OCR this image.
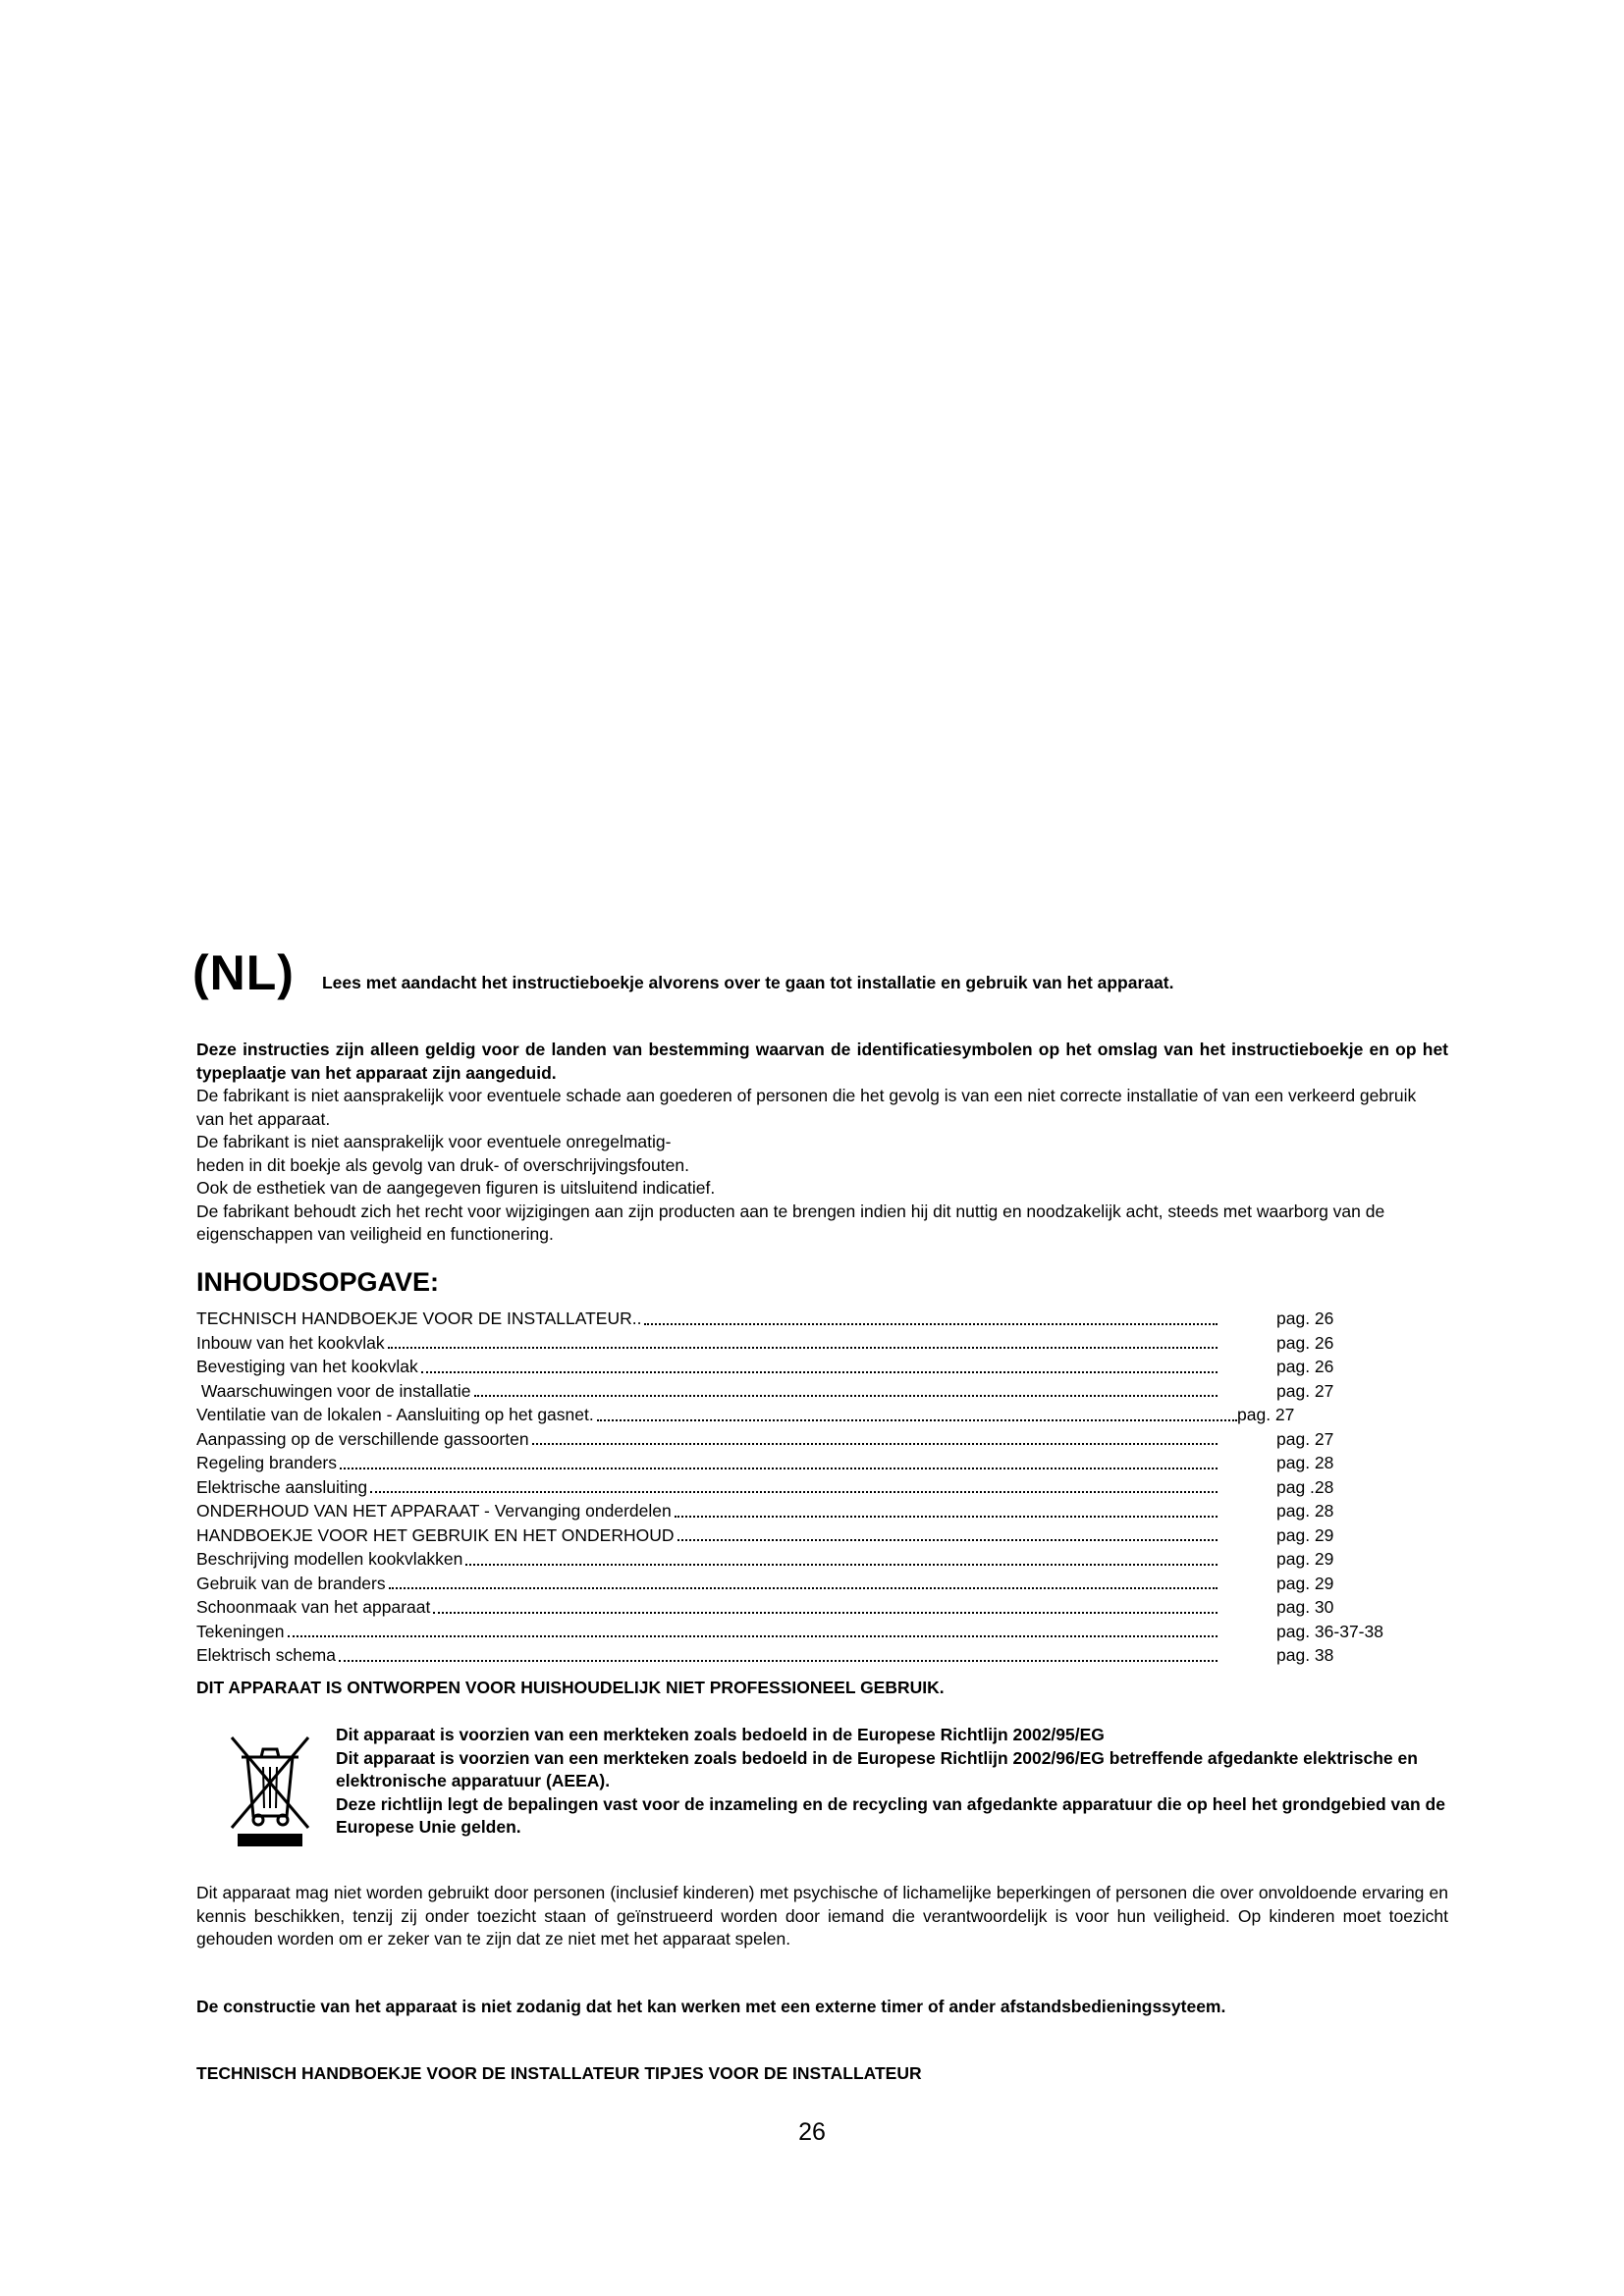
(NL) Lees met aandacht het instructieboekje alvorens over te gaan tot installatie en gebruik van het apparaat.

Deze instructies zijn alleen geldig voor de landen van bestemming waarvan de identificatiesymbolen op het omslag van het instructieboekje en op het typeplaatje van het apparaat zijn aangeduid.

De fabrikant is niet aansprakelijk voor eventuele schade aan goederen of personen die het gevolg is van een niet correcte installatie of van een verkeerd gebruik van het apparaat.

De fabrikant is niet aansprakelijk voor eventuele onregelmatig-

heden in dit boekje als gevolg van druk- of overschrijvingsfouten.

Ook de esthetiek van de aangegeven figuren is uitsluitend indicatief.

De fabrikant behoudt zich het recht voor wijzigingen aan zijn producten aan te brengen indien hij dit nuttig en noodzakelijk acht, steeds met waarborg van de eigenschappen van veiligheid en functionering.

INHOUDSOPGAVE:
TECHNISCH HANDBOEKJE VOOR DE INSTALLATEUR..	pag. 26
Inbouw van het kookvlak	pag. 26
Bevestiging van het kookvlak	pag. 26
Waarschuwingen voor de installatie	pag. 27
Ventilatie van de lokalen - Aansluiting op het gasnet.	pag. 27
Aanpassing op de verschillende gassoorten	pag. 27
Regeling branders	pag. 28
Elektrische aansluiting	pag .28
ONDERHOUD VAN HET APPARAAT - Vervanging onderdelen	pag. 28
HANDBOEKJE VOOR HET GEBRUIK EN HET ONDERHOUD	pag. 29
Beschrijving modellen kookvlakken	pag. 29
Gebruik van de branders	pag. 29
Schoonmaak van het apparaat	pag. 30
Tekeningen	pag. 36-37-38
Elektrisch schema	pag. 38
DIT APPARAAT IS ONTWORPEN VOOR HUISHOUDELIJK NIET PROFESSIONEEL GEBRUIK.

Dit apparaat is voorzien van een merkteken zoals bedoeld in de Europese Richtlijn 2002/95/EG

Dit apparaat is voorzien van een merkteken zoals bedoeld in de Europese Richtlijn 2002/96/EG betreffende afgedankte elektrische en elektronische apparatuur (AEEA).

Deze richtlijn legt de bepalingen vast voor de inzameling en de recycling van afgedankte apparatuur die op heel het grondgebied van de Europese Unie gelden.

Dit apparaat mag niet worden gebruikt door personen (inclusief kinderen) met psychische of lichamelijke beperkingen of personen die over onvoldoende ervaring en kennis beschikken, tenzij zij onder toezicht staan of geïnstrueerd worden door iemand die verantwoordelijk is voor hun veiligheid. Op kinderen moet toezicht gehouden worden om er zeker van te zijn dat ze niet met het apparaat spelen.

De constructie van het apparaat is niet zodanig dat het kan werken met een externe timer of ander afstandsbedieningssyteem.

TECHNISCH HANDBOEKJE VOOR DE INSTALLATEUR TIPJES VOOR DE INSTALLATEUR

26
